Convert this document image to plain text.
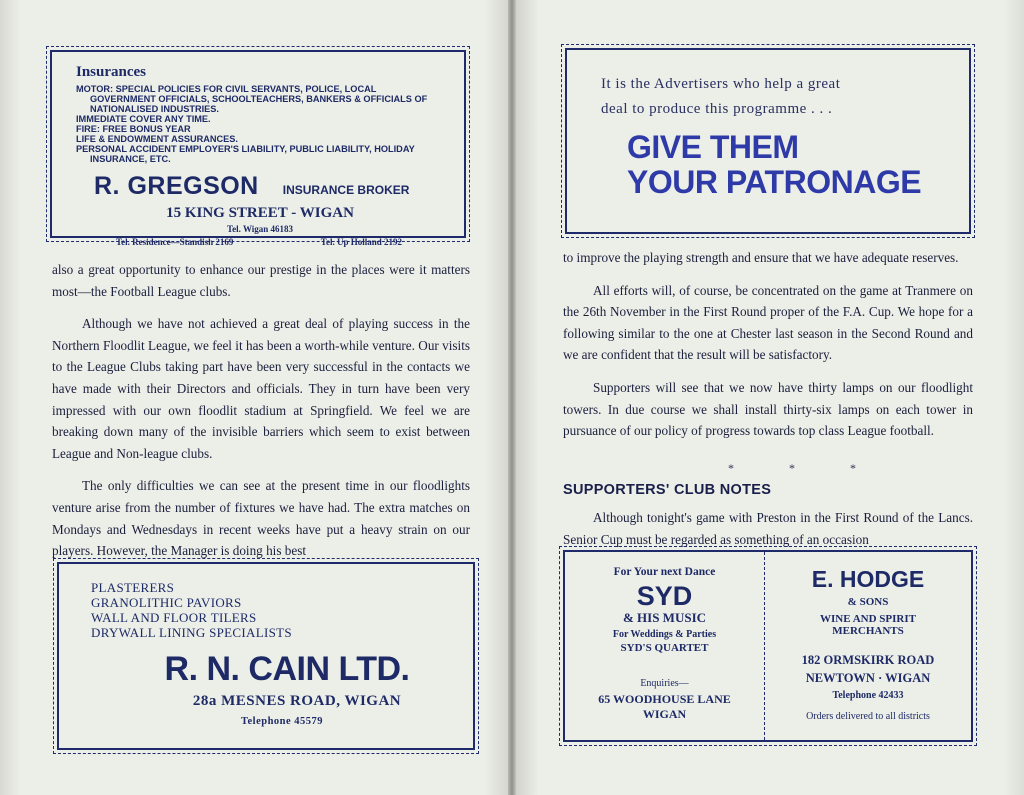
Insurances
MOTOR: SPECIAL POLICIES FOR CIVIL SERVANTS, POLICE, LOCAL GOVERNMENT OFFICIALS, SCHOOLTEACHERS, BANKERS & OFFICIALS OF NATIONALISED INDUSTRIES.
IMMEDIATE COVER ANY TIME.
FIRE: FREE BONUS YEAR
LIFE & ENDOWMENT ASSURANCES.
PERSONAL ACCIDENT EMPLOYER'S LIABILITY, PUBLIC LIABILITY, HOLIDAY INSURANCE, ETC.
R. GREGSON INSURANCE BROKER
15 KING STREET - WIGAN
Tel. Wigan 46183
Tel. Residence—Standish 2169	Tel. Up Holland 2192

also a great opportunity to enhance our prestige in the places were it matters most—the Football League clubs.

Although we have not achieved a great deal of playing success in the Northern Floodlit League, we feel it has been a worth-while venture. Our visits to the League Clubs taking part have been very successful in the contacts we have made with their Directors and officials. They in turn have been very impressed with our own floodlit stadium at Springfield. We feel we are breaking down many of the invisible barriers which seem to exist between League and Non-league clubs.

The only difficulties we can see at the present time in our floodlights venture arise from the number of fixtures we have had. The extra matches on Mondays and Wednesdays in recent weeks have put a heavy strain on our players. However, the Manager is doing his best

PLASTERERS
GRANOLITHIC PAVIORS
WALL AND FLOOR TILERS
DRYWALL LINING SPECIALISTS
R. N. CAIN LTD.
28a MESNES ROAD, WIGAN
Telephone 45579
It is the Advertisers who help a great
deal to produce this programme . . .
GIVE THEM
YOUR PATRONAGE

to improve the playing strength and ensure that we have adequate reserves.

All efforts will, of course, be concentrated on the game at Tranmere on the 26th November in the First Round proper of the F.A. Cup. We hope for a following similar to the one at Chester last season in the Second Round and we are confident that the result will be satisfactory.

Supporters will see that we now have thirty lamps on our floodlight towers. In due course we shall install thirty-six lamps on each tower in pursuance of our policy of progress towards top class League football.

* * *
SUPPORTERS' CLUB NOTES
Although tonight's game with Preston in the First Round of the Lancs. Senior Cup must be regarded as something of an occasion
For Your next Dance
SYD
& HIS MUSIC
For Weddings & Parties
SYD'S QUARTET
Enquiries—
65 WOODHOUSE LANE
WIGAN
E. HODGE
& SONS
WINE AND SPIRIT
MERCHANTS
182 ORMSKIRK ROAD
NEWTOWN · WIGAN
Telephone 42433
Orders delivered to all districts
